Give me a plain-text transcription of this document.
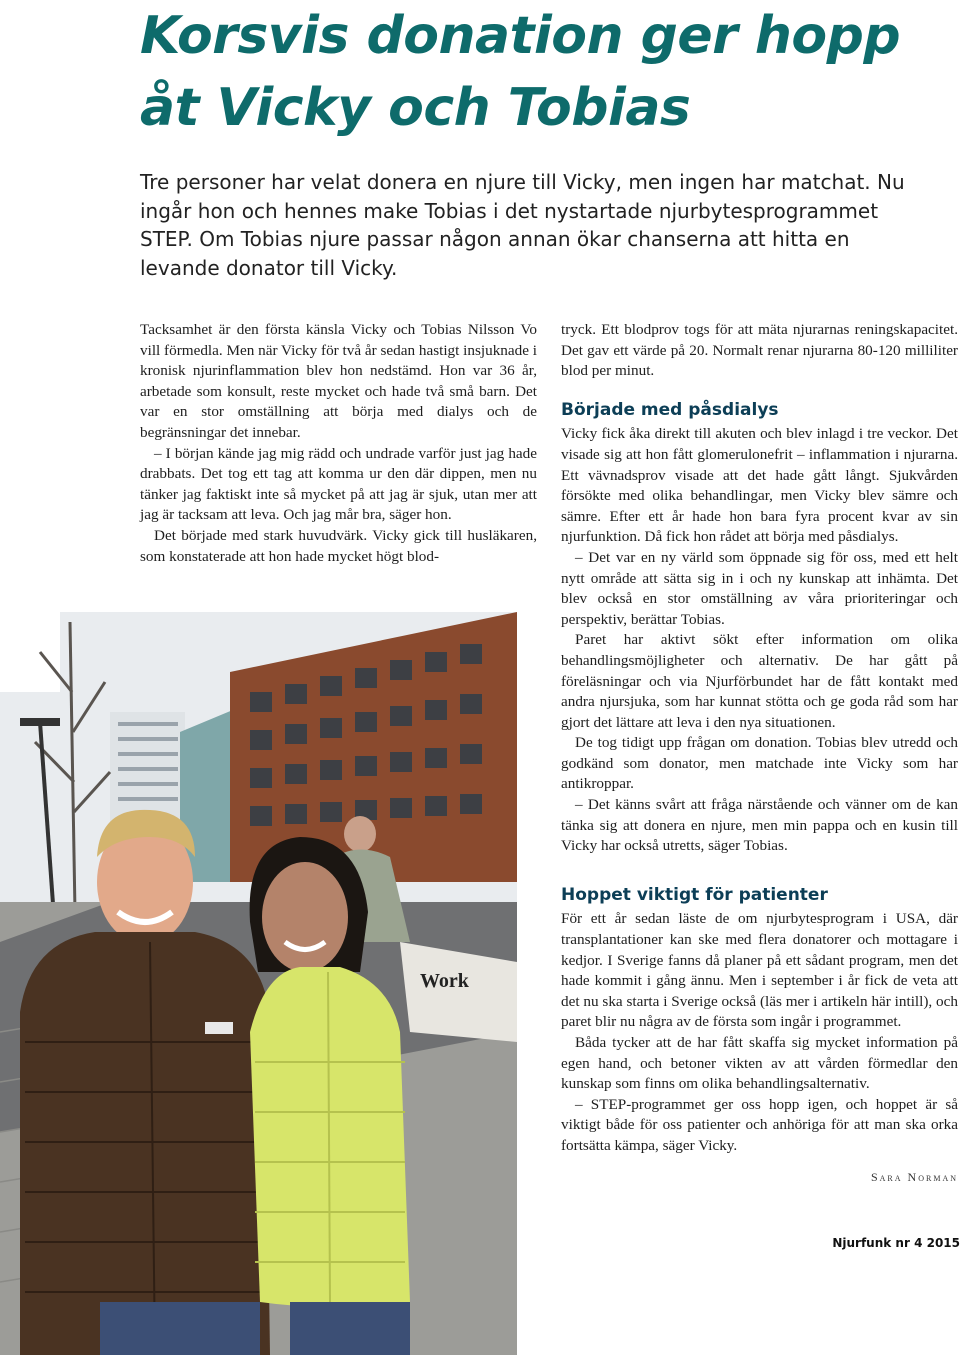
Korsvis donation ger hopp
åt Vicky och Tobias

Tre personer har velat donera en njure till Vicky, men ingen har matchat. Nu ingår hon och hennes make Tobias i det nystartade njurbytesprogrammet STEP. Om Tobias njure passar någon annan ökar chanserna att hitta en levande donator till Vicky.

Tacksamhet är den första känsla Vicky och Tobias Nilsson Vo vill förmedla. Men när Vicky för två år sedan hastigt insjuknade i kronisk njurinflammation blev hon nedstämd. Hon var 36 år, arbetade som konsult, reste mycket och hade två små barn. Det var en stor omställning att börja med dialys och de begränsningar det innebar.

– I början kände jag mig rädd och undrade varför just jag hade drabbats. Det tog ett tag att komma ur den där dippen, men nu tänker jag faktiskt inte så mycket på att jag är sjuk, utan mer att jag är tacksam att leva. Och jag mår bra, säger hon.

Det började med stark huvudvärk. Vicky gick till husläkaren, som konstaterade att hon hade mycket högt blod-

Work

tryck. Ett blodprov togs för att mäta njurarnas reningskapacitet. Det gav ett värde på 20. Normalt renar njurarna 80-120 milliliter blod per minut.

Började med påsdialys

Vicky fick åka direkt till akuten och blev inlagd i tre veckor. Det visade sig att hon fått glomerulonefrit – inflammation i njurarna. Ett vävnadsprov visade att det hade gått långt. Sjukvården försökte med olika behandlingar, men Vicky blev sämre och sämre. Efter ett år hade hon bara fyra procent kvar av sin njurfunktion. Då fick hon rådet att börja med påsdialys.

– Det var en ny värld som öppnade sig för oss, med ett helt nytt område att sätta sig in i och ny kunskap att inhämta. Det blev också en stor omställning av våra prioriteringar och perspektiv, berättar Tobias.

Paret har aktivt sökt efter information om olika behandlingsmöjligheter och alternativ. De har gått på föreläsningar och via Njurförbundet har de fått kontakt med andra njursjuka, som har kunnat stötta och ge goda råd som har gjort det lättare att leva i den nya situationen.

De tog tidigt upp frågan om donation. Tobias blev utredd och godkänd som donator, men matchade inte Vicky som har antikroppar.

– Det känns svårt att fråga närstående och vänner om de kan tänka sig att donera en njure, men min pappa och en kusin till Vicky har också utretts, säger Tobias.

Hoppet viktigt för patienter

För ett år sedan läste de om njurbytesprogram i USA, där transplantationer kan ske med flera donatorer och mottagare i kedjor. I Sverige fanns då planer på ett sådant program, men det hade kommit i gång ännu. Men i september i år fick de veta att det nu ska starta i Sverige också (läs mer i artikeln här intill), och paret blir nu några av de första som ingår i programmet.

Båda tycker att de har fått skaffa sig mycket information på egen hand, och betoner vikten av att vården förmedlar den kunskap som finns om olika behandlingsalternativ.

– STEP-programmet ger oss hopp igen, och hoppet är så viktigt både för oss patienter och anhöriga för att man ska orka fortsätta kämpa, säger Vicky.

Sara Norman
Njurfunk nr 4 2015
